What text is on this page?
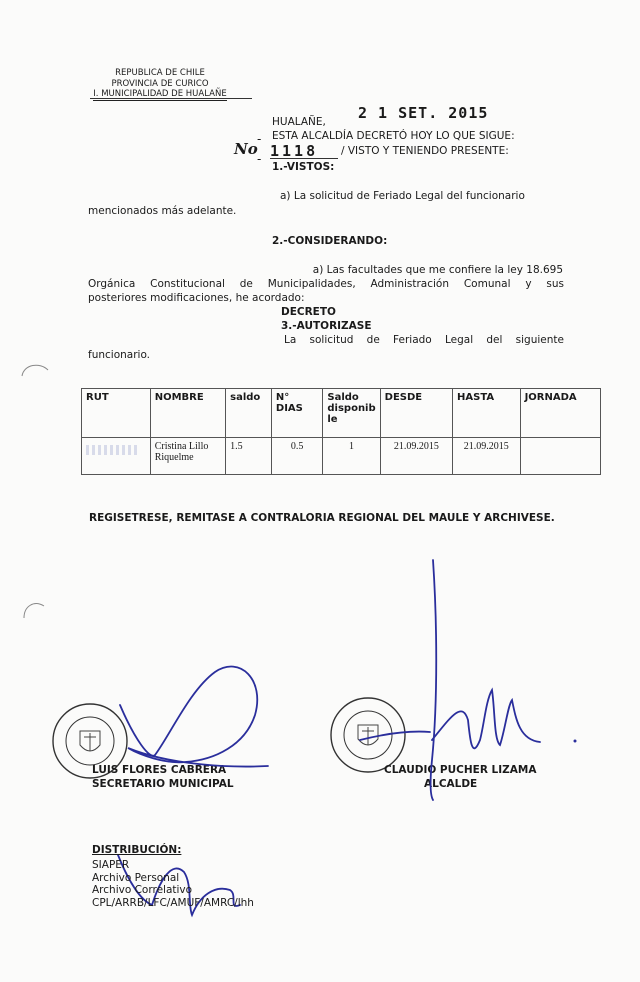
REPUBLICA DE CHILE
PROVINCIA DE CURICO
I. MUNICIPALIDAD DE HUALAÑE
HUALAÑE, 2 1 SET. 2015
ESTA ALCALDÍA DECRETÓ HOY LO QUE SIGUE:
No
-
- 1118 / VISTO Y TENIENDO PRESENTE:
1.-VISTOS:
a) La solicitud de Feriado Legal del funcionario
mencionados más adelante.
2.-CONSIDERANDO:
a) Las facultades que me confiere la ley 18.695
Orgánica Constitucional de Municipalidades, Administración Comunal y sus
posteriores modificaciones, he acordado:
DECRETO
3.-AUTORIZASE
La solicitud de Feriado Legal del siguiente
funcionario.
RUT	NOMBRE	saldo	N° DIAS	Saldo disponib le	DESDE	HASTA	JORNADA

	Cristina Lillo Riquelme	1.5	0.5	1	21.09.2015	21.09.2015	
REGISETRESE, REMITASE A CONTRALORIA REGIONAL DEL MAULE Y ARCHIVESE.
LUIS FLORES CABRERA
SECRETARIO MUNICIPAL
CLAUDIO PUCHER LIZAMA
ALCALDE
DISTRIBUCIÓN:
SIAPER
Archivo Personal
Archivo Correlativo
CPL/ARRB/LFC/AMUF/AMRC/lhh
